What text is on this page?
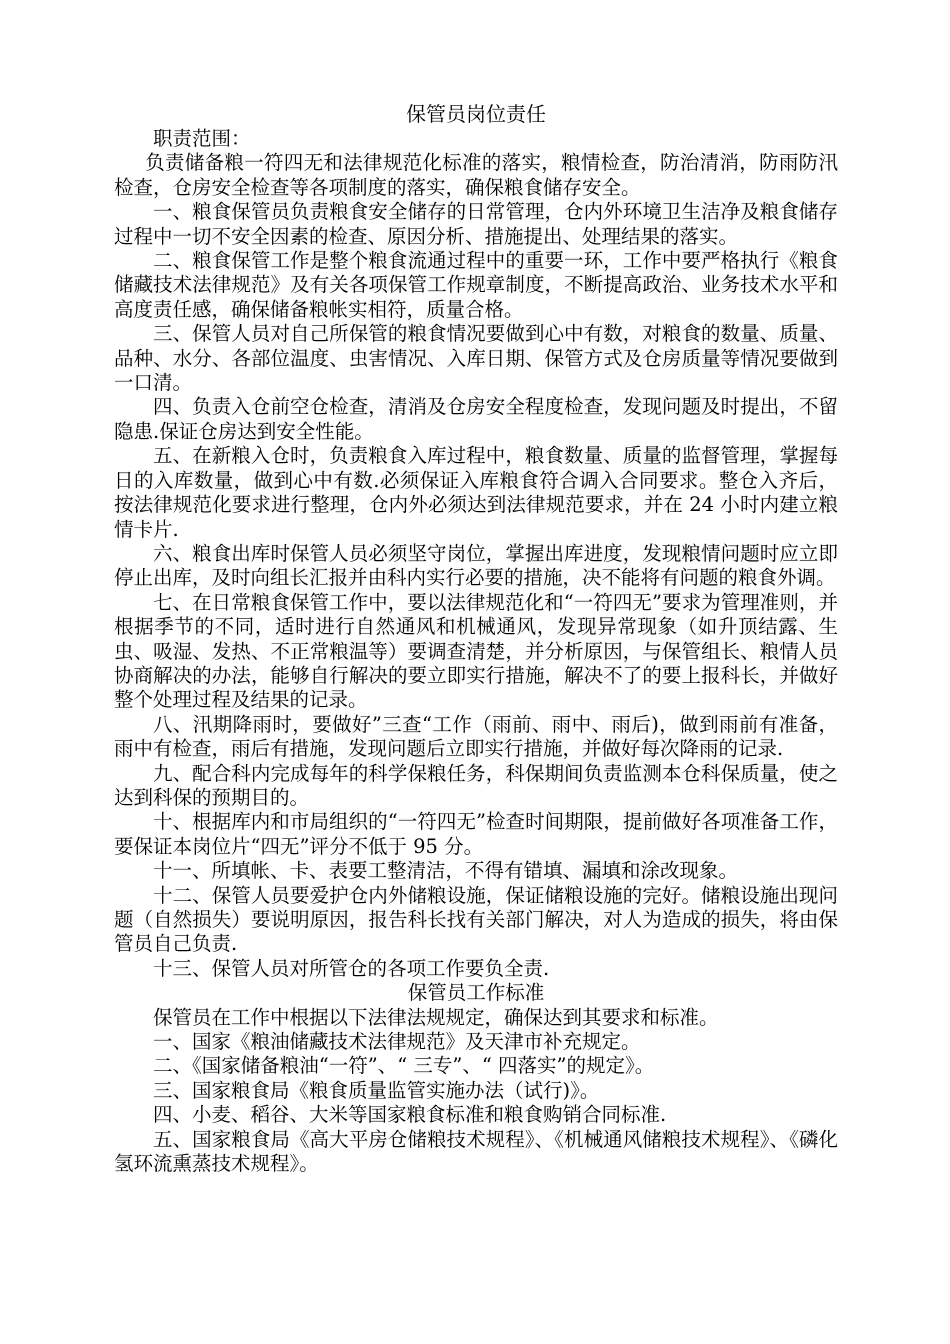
保管员岗位责任

职责范围：

负责储备粮一符四无和法律规范化标准的落实，粮情检查，防治清消，防雨防汛检查，仓房安全检查等各项制度的落实，确保粮食储存安全。

一、粮食保管员负责粮食安全储存的日常管理，仓内外环境卫生洁净及粮食储存过程中一切不安全因素的检查、原因分析、措施提出、处理结果的落实。

二、粮食保管工作是整个粮食流通过程中的重要一环，工作中要严格执行《粮食储藏技术法律规范》及有关各项保管工作规章制度，不断提高政治、业务技术水平和高度责任感，确保储备粮帐实相符，质量合格。

三、保管人员对自己所保管的粮食情况要做到心中有数，对粮食的数量、质量、品种、水分、各部位温度、虫害情况、入库日期、保管方式及仓房质量等情况要做到一口清。

四、负责入仓前空仓检查，清消及仓房安全程度检查，发现问题及时提出，不留隐患.保证仓房达到安全性能。

五、在新粮入仓时，负责粮食入库过程中，粮食数量、质量的监督管理，掌握每日的入库数量，做到心中有数.必须保证入库粮食符合调入合同要求。整仓入齐后，按法律规范化要求进行整理，仓内外必须达到法律规范要求，并在 24 小时内建立粮情卡片.

六、粮食出库时保管人员必须坚守岗位，掌握出库进度，发现粮情问题时应立即停止出库，及时向组长汇报并由科内实行必要的措施，决不能将有问题的粮食外调。

七、在日常粮食保管工作中，要以法律规范化和“一符四无”要求为管理准则，并根据季节的不同，适时进行自然通风和机械通风，发现异常现象（如升顶结露、生虫、吸湿、发热、不正常粮温等）要调查清楚，并分析原因，与保管组长、粮情人员协商解决的办法，能够自行解决的要立即实行措施，解决不了的要上报科长，并做好整个处理过程及结果的记录。

八、汛期降雨时，要做好”三查“工作（雨前、雨中、雨后)，做到雨前有准备，雨中有检查，雨后有措施，发现问题后立即实行措施，并做好每次降雨的记录.

九、配合科内完成每年的科学保粮任务，科保期间负责监测本仓科保质量，使之达到科保的预期目的。

十、根据库内和市局组织的“一符四无”检查时间期限，提前做好各项准备工作，要保证本岗位片“四无”评分不低于 95 分。

十一、所填帐、卡、表要工整清洁，不得有错填、漏填和涂改现象。

十二、保管人员要爱护仓内外储粮设施，保证储粮设施的完好。储粮设施出现问题（自然损失）要说明原因，报告科长找有关部门解决，对人为造成的损失，将由保管员自己负责.

十三、保管人员对所管仓的各项工作要负全责.

保管员工作标准

保管员在工作中根据以下法律法规规定，确保达到其要求和标准。

一、国家《粮油储藏技术法律规范》及天津市补充规定。

二、《国家储备粮油“一符”、“ 三专”、“ 四落实”的规定》。

三、国家粮食局《粮食质量监管实施办法（试行)》。

四、小麦、稻谷、大米等国家粮食标准和粮食购销合同标准.

五、国家粮食局《高大平房仓储粮技术规程》、《机械通风储粮技术规程》、《磷化氢环流熏蒸技术规程》。
